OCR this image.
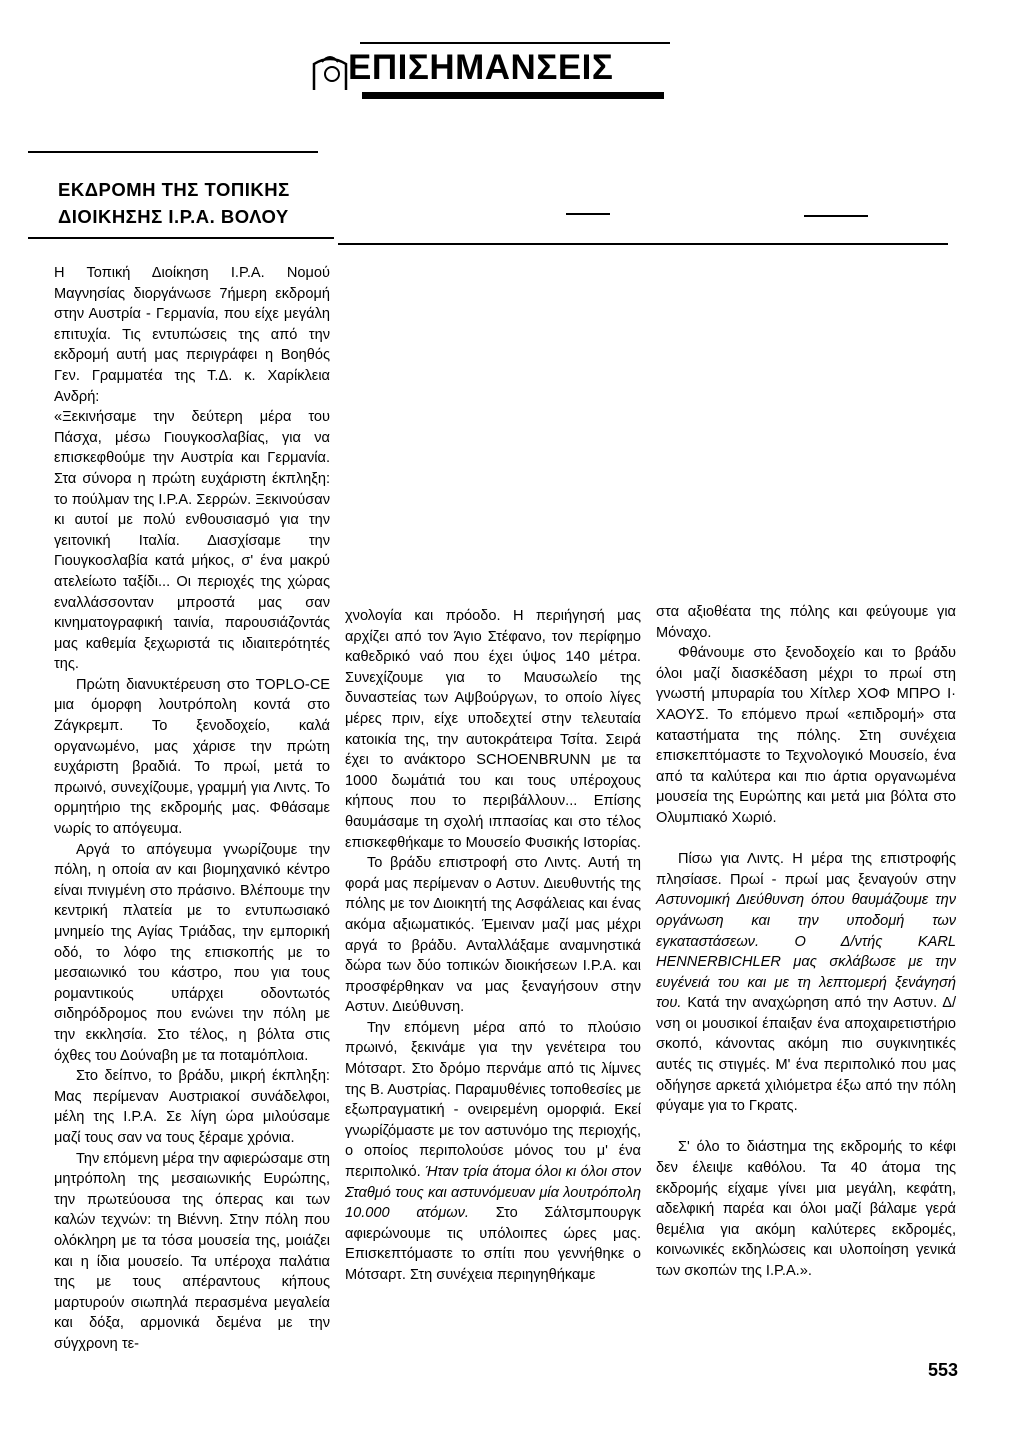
ΕΠΙΣΗΜΑΝΣΕΙΣ
ΕΚΔΡΟΜΗ ΤΗΣ ΤΟΠΙΚΗΣ
ΔΙΟΙΚΗΣΗΣ Ι.Ρ.Α. ΒΟΛΟΥ

Η Τοπική Διοίκηση Ι.Ρ.Α. Νομού Μαγνησίας διοργάνωσε 7ήμερη εκδρομή στην Αυστρία - Γερμανία, που είχε μεγάλη επιτυχία. Τις εντυπώσεις της από την εκδρομή αυτή μας περιγράφει η Βοηθός Γεν. Γραμματέα της Τ.Δ. κ. Χαρίκλεια Ανδρή:

«Ξεκινήσαμε την δεύτερη μέρα του Πάσχα, μέσω Γιουγκοσλαβίας, για να επισκεφθούμε την Αυστρία και Γερμανία. Στα σύνορα η πρώτη ευχάριστη έκπληξη: το πούλμαν της Ι.Ρ.Α. Σερρών. Ξεκινούσαν κι αυτοί με πολύ ενθουσιασμό για την γειτονική Ιταλία. Διασχίσαμε την Γιουγκοσλαβία κατά μήκος, σ' ένα μακρύ ατελείωτο ταξίδι... Οι περιοχές της χώρας εναλλάσσονταν μπροστά μας σαν κινηματογραφική ταινία, παρουσιάζοντάς μας καθεμία ξεχωριστά τις ιδιαιτερότητές της.

Πρώτη διανυκτέρευση στο TOPLO-CE μια όμορφη λουτρόπολη κοντά στο Ζάγκρεμπ. Το ξενοδοχείο, καλά οργανωμένο, μας χάρισε την πρώτη ευχάριστη βραδιά. Το πρωί, μετά το πρωινό, συνεχίζουμε, γραμμή για Λιντς. Το ορμητήριο της εκδρομής μας. Φθάσαμε νωρίς το απόγευμα.

Αργά το απόγευμα γνωρίζουμε την πόλη, η οποία αν και βιομηχανικό κέντρο είναι πνιγμένη στο πράσινο. Βλέπουμε την κεντρική πλατεία με το εντυπωσιακό μνημείο της Αγίας Τριάδας, την εμπορική οδό, το λόφο της επισκοπής με το μεσαιωνικό του κάστρο, που για τους ρομαντικούς υπάρχει οδοντωτός σιδηρόδρομος που ενώνει την πόλη με την εκκλησία. Στο τέλος, η βόλτα στις όχθες του Δούναβη με τα ποταμόπλοια.

Στο δείπνο, το βράδυ, μικρή έκπληξη: Μας περίμεναν Αυστριακοί συνάδελφοι, μέλη της Ι.Ρ.Α. Σε λίγη ώρα μιλούσαμε μαζί τους σαν να τους ξέραμε χρόνια.

Την επόμενη μέρα την αφιερώσαμε στη μητρόπολη της μεσαιωνικής Ευρώπης, την πρωτεύουσα της όπερας και των καλών τεχνών: τη Βιέννη. Στην πόλη που ολόκληρη με τα τόσα μουσεία της, μοιάζει και η ίδια μουσείο. Τα υπέροχα παλάτια της με τους απέραντους κήπους μαρτυρούν σιωπηλά περασμένα μεγαλεία και δόξα, αρμονικά δεμένα με την σύγχρονη τε-

χνολογία και πρόοδο. Η περιήγησή μας αρχίζει από τον Άγιο Στέφανο, τον περίφημο καθεδρικό ναό που έχει ύψος 140 μέτρα. Συνεχίζουμε για το Μαυσωλείο της δυναστείας των Αψβούργων, το οποίο λίγες μέρες πριν, είχε υποδεχτεί στην τελευταία κατοικία της, την αυτοκράτειρα Τσίτα. Σειρά έχει το ανάκτορο SCHOENBRUNN με τα 1000 δωμάτιά του και τους υπέροχους κήπους που το περιβάλλουν... Επίσης θαυμάσαμε τη σχολή ιππασίας και στο τέλος επισκεφθήκαμε το Μουσείο Φυσικής Ιστορίας.

Το βράδυ επιστροφή στο Λιντς. Αυτή τη φορά μας περίμεναν ο Αστυν. Διευθυντής της πόλης με τον Διοικητή της Ασφάλειας και ένας ακόμα αξιωματικός. Έμειναν μαζί μας μέχρι αργά το βράδυ. Ανταλλάξαμε αναμνηστικά δώρα των δύο τοπικών διοικήσεων Ι.Ρ.Α. και προσφέρθηκαν να μας ξεναγήσουν στην Αστυν. Διεύθυνση.

Την επόμενη μέρα από το πλούσιο πρωινό, ξεκινάμε για την γενέτειρα του Μότσαρτ. Στο δρόμο περνάμε από τις λίμνες της Β. Αυστρίας. Παραμυθένιες τοποθεσίες με εξωπραγματική - ονειρεμένη ομορφιά. Εκεί γνωρίζόμαστε με τον αστυνόμο της περιοχής, ο οποίος περιπολούσε μόνος του μ' ένα περιπολικό. Ήταν τρία άτομα όλοι κι όλοι στον Σταθμό τους και αστυνόμευαν μία λουτρόπολη 10.000 ατόμων. Στο Σάλτσμπουργκ αφιερώνουμε τις υπόλοιπες ώρες μας. Επισκεπτόμαστε το σπίτι που γεννήθηκε ο Μότσαρτ. Στη συνέχεια περιηγηθήκαμε

στα αξιοθέατα της πόλης και φεύγουμε για Μόναχο.

Φθάνουμε στο ξενοδοχείο και το βράδυ όλοι μαζί διασκέδαση μέχρι το πρωί στη γνωστή μπυραρία του Χίτλερ ΧΟΦ ΜΠΡΟ Ι· ΧΑΟΥΣ. Το επόμενο πρωί «επιδρομή» στα καταστήματα της πόλης. Στη συνέχεια επισκεπτόμαστε το Τεχνολογικό Μουσείο, ένα από τα καλύτερα και πιο άρτια οργανωμένα μουσεία της Ευρώπης και μετά μια βόλτα στο Ολυμπιακό Χωριό.

Πίσω για Λιντς. Η μέρα της επιστροφής πλησίασε. Πρωί - πρωί μας ξεναγούν στην Αστυνομική Διεύθυνση όπου θαυμάζουμε την οργάνωση και την υποδομή των εγκαταστάσεων. Ο Δ/ντής KARL HENNERBICHLER μας σκλάβωσε με την ευγένειά του και με τη λεπτομερή ξενάγησή του. Κατά την αναχώρηση από την Αστυν. Δ/νση οι μουσικοί έπαιξαν ένα αποχαιρετιστήριο σκοπό, κάνοντας ακόμη πιο συγκινητικές αυτές τις στιγμές. Μ' ένα περιπολικό που μας οδήγησε αρκετά χιλιόμετρα έξω από την πόλη φύγαμε για το Γκρατς.

Σ' όλο το διάστημα της εκδρομής το κέφι δεν έλειψε καθόλου. Τα 40 άτομα της εκδρομής είχαμε γίνει μια μεγάλη, κεφάτη, αδελφική παρέα και όλοι μαζί βάλαμε γερά θεμέλια για ακόμη καλύτερες εκδρομές, κοινωνικές εκδηλώσεις και υλοποίηση γενικά των σκοπών της Ι.Ρ.Α.».

553
